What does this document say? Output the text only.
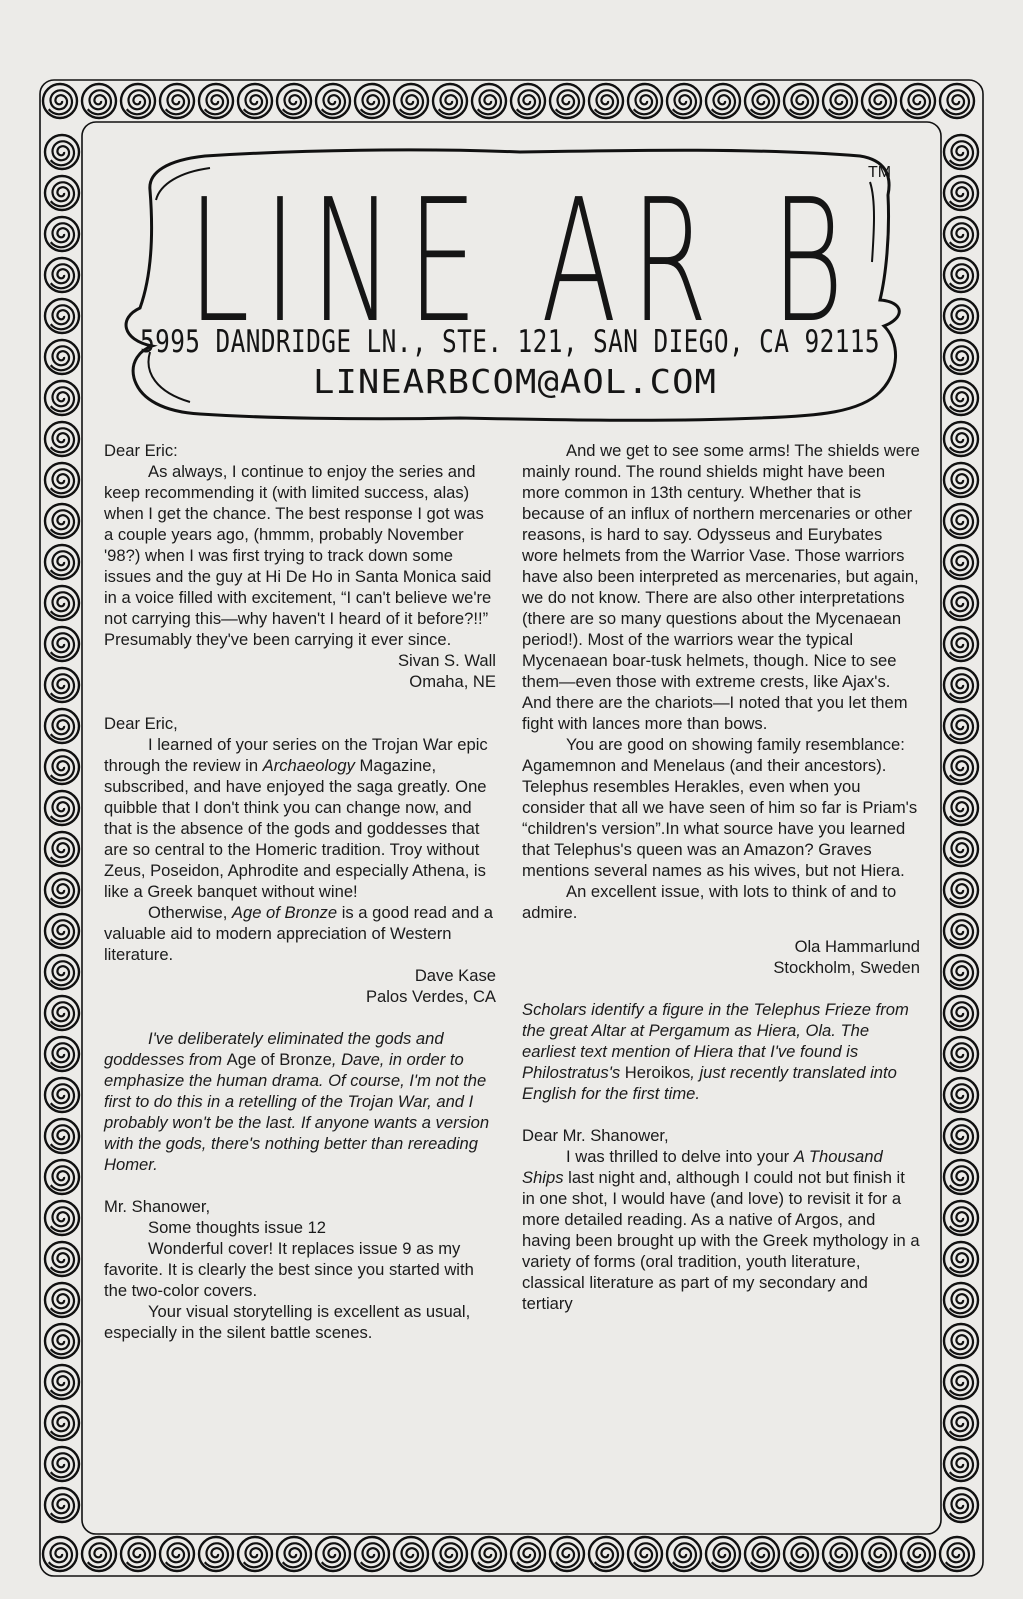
LINE AR B TM
5995 DANDRIDGE LN., STE. 121, SAN DIEGO, CA 92115
LINEARBCOM@AOL.COM

Dear Eric:

As always, I continue to enjoy the series and keep recommending it (with limited success, alas) when I get the chance. The best response I got was a couple years ago, (hmmm, probably November '98?) when I was first trying to track down some issues and the guy at Hi De Ho in Santa Monica said in a voice filled with excitement, “I can't believe we're not carrying this—why haven't I heard of it before?!!” Presumably they've been carrying it ever since.

Sivan S. Wall

Omaha, NE

Dear Eric,

I learned of your series on the Trojan War epic through the review in Archaeology Magazine, subscribed, and have enjoyed the saga greatly. One quibble that I don't think you can change now, and that is the absence of the gods and goddesses that are so central to the Homeric tradition. Troy without Zeus, Poseidon, Aphrodite and especially Athena, is like a Greek banquet without wine!

Otherwise, Age of Bronze is a good read and a valuable aid to modern appreciation of Western literature.

Dave Kase

Palos Verdes, CA

I've deliberately eliminated the gods and goddesses from Age of Bronze, Dave, in order to emphasize the human drama. Of course, I'm not the first to do this in a retelling of the Trojan War, and I probably won't be the last. If anyone wants a version with the gods, there's nothing better than rereading Homer.

Mr. Shanower,

Some thoughts issue 12

Wonderful cover! It replaces issue 9 as my favorite. It is clearly the best since you started with the two-color covers.

Your visual storytelling is excellent as usual, especially in the silent battle scenes.

And we get to see some arms! The shields were mainly round. The round shields might have been more common in 13th century. Whether that is because of an influx of northern mercenaries or other reasons, is hard to say. Odysseus and Eurybates wore helmets from the Warrior Vase. Those warriors have also been interpreted as mercenaries, but again, we do not know. There are also other interpretations (there are so many questions about the Mycenaean period!). Most of the warriors wear the typical Mycenaean boar-tusk helmets, though. Nice to see them—even those with extreme crests, like Ajax's. And there are the chariots—I noted that you let them fight with lances more than bows.

You are good on showing family resemblance: Agamemnon and Menelaus (and their ancestors). Telephus resembles Herakles, even when you consider that all we have seen of him so far is Priam's “children's version”.In what source have you learned that Telephus's queen was an Amazon? Graves mentions several names as his wives, but not Hiera.

An excellent issue, with lots to think of and to admire.

Ola Hammarlund

Stockholm, Sweden

Scholars identify a figure in the Telephus Frieze from the great Altar at Pergamum as Hiera, Ola. The earliest text mention of Hiera that I've found is Philostratus's Heroikos, just recently translated into English for the first time.

Dear Mr. Shanower,

I was thrilled to delve into your A Thousand Ships last night and, although I could not but finish it in one shot, I would have (and love) to revisit it for a more detailed reading. As a native of Argos, and having been brought up with the Greek mythology in a variety of forms (oral tradition, youth literature, classical literature as part of my secondary and tertiary
